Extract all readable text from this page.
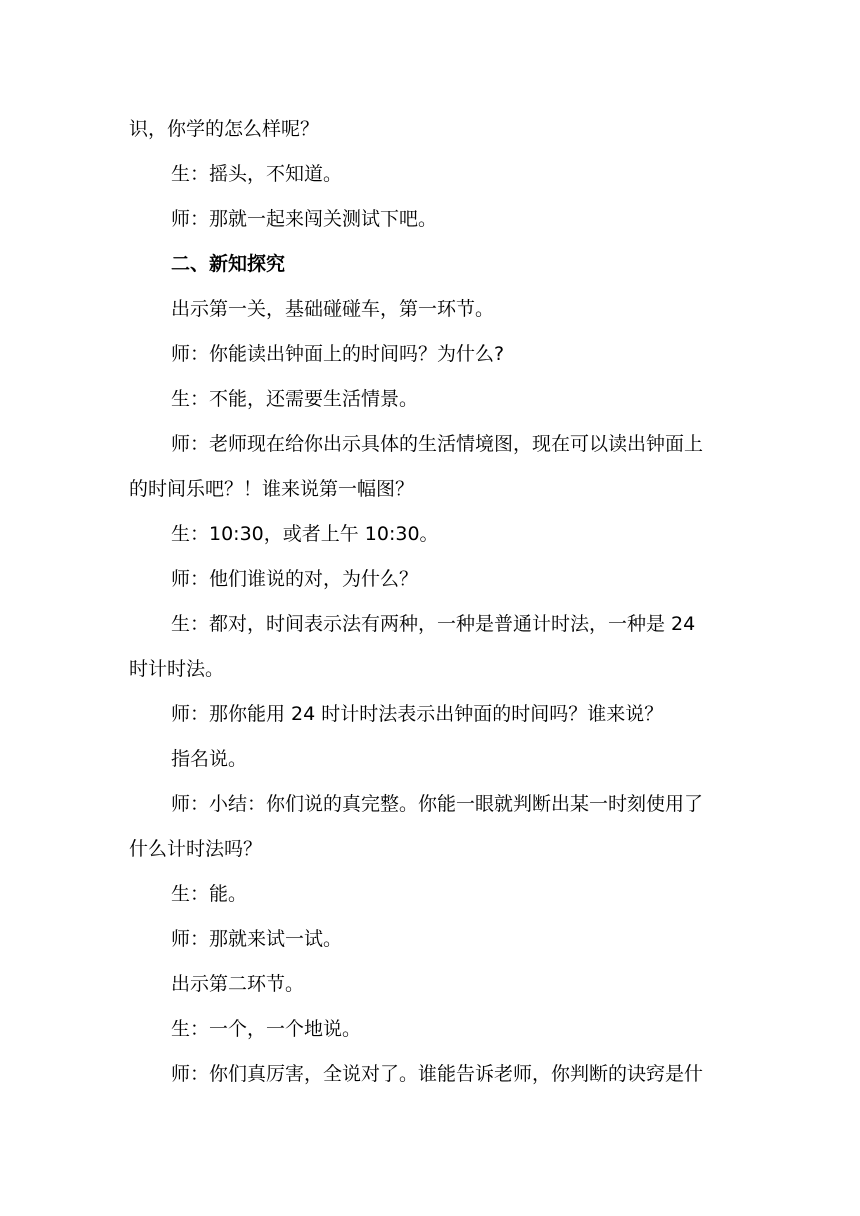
识，你学的怎么样呢？
生：摇头，不知道。
师：那就一起来闯关测试下吧。
二、新知探究
出示第一关，基础碰碰车，第一环节。
师：你能读出钟面上的时间吗？为什么?
生：不能，还需要生活情景。
师：老师现在给你出示具体的生活情境图，现在可以读出钟面上
的时间乐吧？！谁来说第一幅图？
生：10:30，或者上午 10:30。
师：他们谁说的对，为什么？
生：都对，时间表示法有两种，一种是普通计时法，一种是 24
时计时法。
师：那你能用 24 时计时法表示出钟面的时间吗？谁来说？
指名说。
师：小结：你们说的真完整。你能一眼就判断出某一时刻使用了
什么计时法吗？
生：能。
师：那就来试一试。
出示第二环节。
生：一个，一个地说。
师：你们真厉害，全说对了。谁能告诉老师，你判断的诀窍是什
